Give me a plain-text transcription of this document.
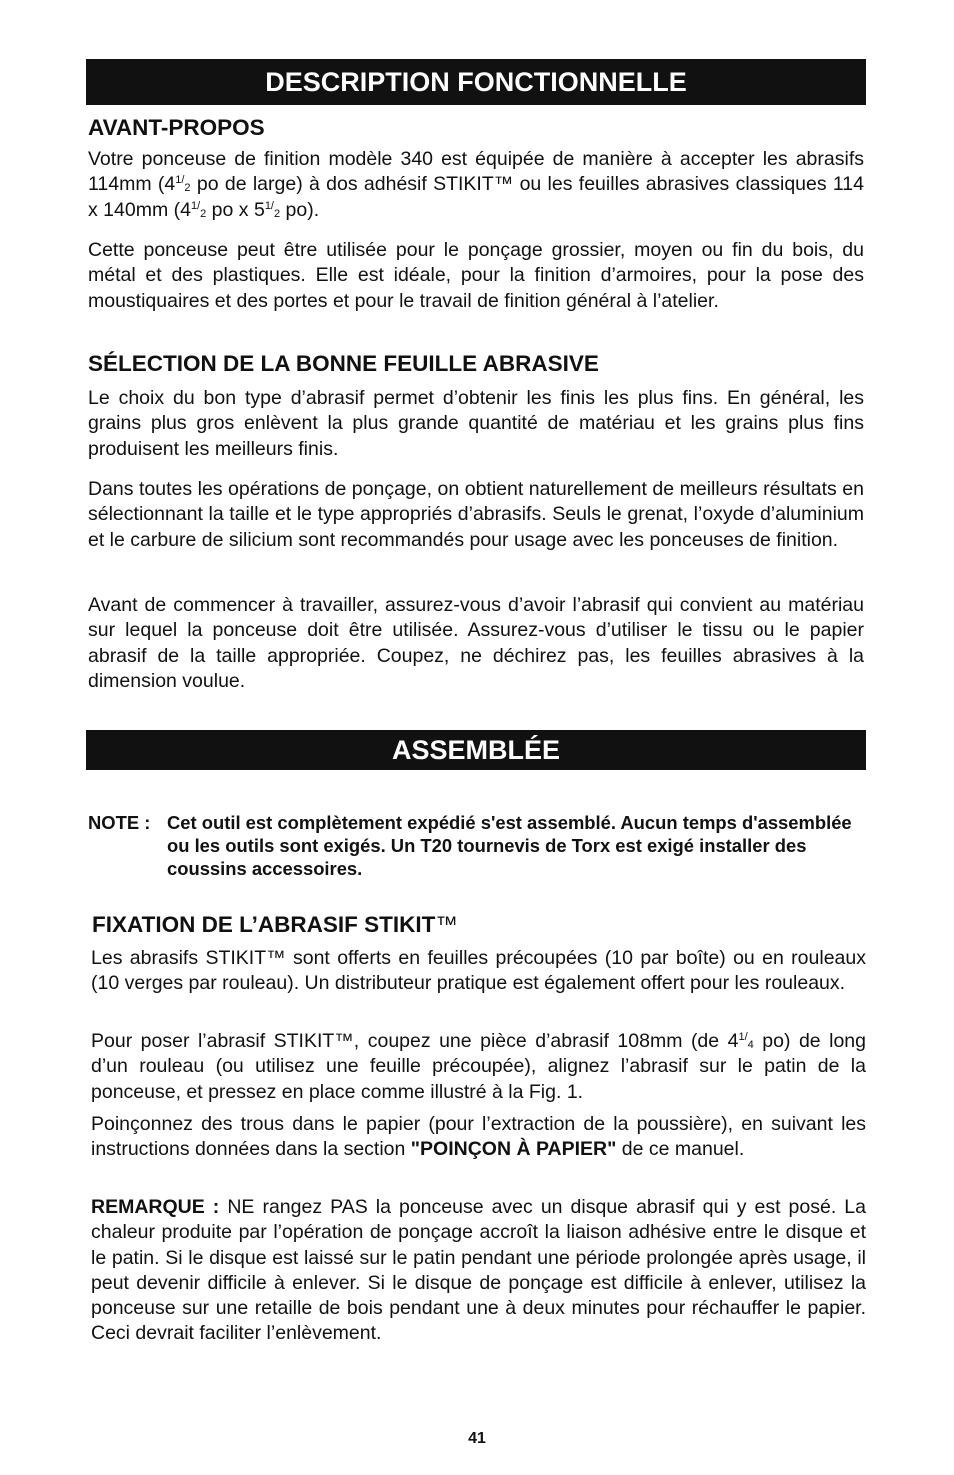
DESCRIPTION FONCTIONNELLE
AVANT-PROPOS
Votre ponceuse de finition modèle 340 est équipée de manière à accepter les abrasifs 114mm ($4^{1/}_2$ po de large) à dos adhésif STIKIT™ ou les feuilles abrasives classiques 114 x 140mm ($4^{1/}_2$ po x $5^{1/}_2$ po).
Cette ponceuse peut être utilisée pour le ponçage grossier, moyen ou fin du bois, du métal et des plastiques. Elle est idéale, pour la finition d’armoires, pour la pose des moustiquaires et des portes et pour le travail de finition général à l’atelier.
SÉLECTION DE LA BONNE FEUILLE ABRASIVE
Le choix du bon type d’abrasif permet d’obtenir les finis les plus fins. En général, les grains plus gros enlèvent la plus grande quantité de matériau et les grains plus fins produisent les meilleurs finis.
Dans toutes les opérations de ponçage, on obtient naturellement de meilleurs résultats en sélectionnant la taille et le type appropriés d’abrasifs. Seuls le grenat, l’oxyde d’aluminium et le carbure de silicium sont recommandés pour usage avec les ponceuses de finition.
Avant de commencer à travailler, assurez-vous d’avoir l’abrasif qui convient au matériau sur lequel la ponceuse doit être utilisée. Assurez-vous d’utiliser le tissu ou le papier abrasif de la taille appropriée. Coupez, ne déchirez pas, les feuilles abrasives à la dimension voulue.
ASSEMBLÉE
NOTE : Cet outil est complètement expédié s'est assemblé. Aucun temps d'assemblée ou les outils sont exigés. Un T20 tournevis de Torx est exigé installer des coussins accessoires.
FIXATION DE L’ABRASIF STIKIT™
Les abrasifs STIKIT™ sont offerts en feuilles précoupées (10 par boîte) ou en rouleaux (10 verges par rouleau). Un distributeur pratique est également offert pour les rouleaux.
Pour poser l’abrasif STIKIT™, coupez une pièce d’abrasif 108mm (de $4^{1/}_4$ po) de long d’un rouleau (ou utilisez une feuille précoupée), alignez l’abrasif sur le patin de la ponceuse, et pressez en place comme illustré à la Fig. 1.
Poinçonnez des trous dans le papier (pour l’extraction de la poussière), en suivant les instructions données dans la section "POINÇON À PAPIER" de ce manuel.
REMARQUE : NE rangez PAS la ponceuse avec un disque abrasif qui y est posé. La chaleur produite par l’opération de ponçage accroît la liaison adhésive entre le disque et le patin. Si le disque est laissé sur le patin pendant une période prolongée après usage, il peut devenir difficile à enlever. Si le disque de ponçage est difficile à enlever, utilisez la ponceuse sur une retaille de bois pendant une à deux minutes pour réchauffer le papier. Ceci devrait faciliter l’enlèvement.
41
